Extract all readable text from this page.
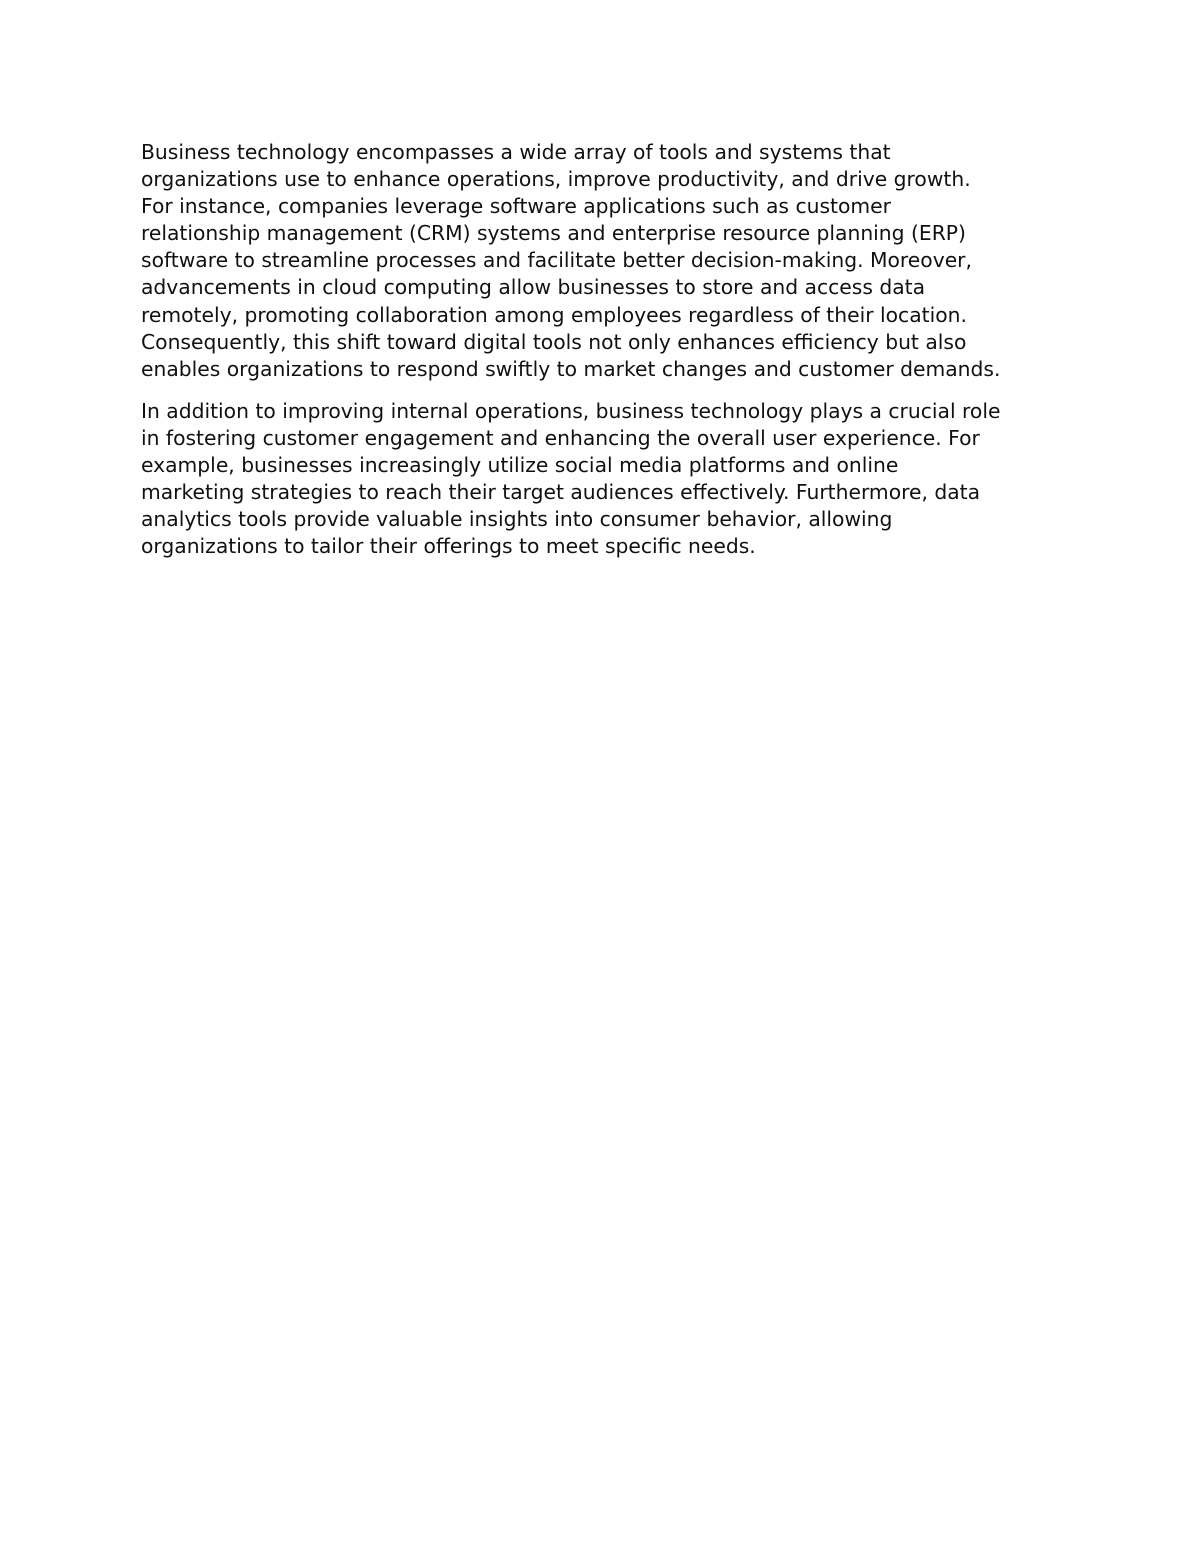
Business technology encompasses a wide array of tools and systems that
organizations use to enhance operations, improve productivity, and drive growth.
For instance, companies leverage software applications such as customer
relationship management (CRM) systems and enterprise resource planning (ERP)
software to streamline processes and facilitate better decision-making. Moreover,
advancements in cloud computing allow businesses to store and access data
remotely, promoting collaboration among employees regardless of their location.
Consequently, this shift toward digital tools not only enhances efficiency but also
enables organizations to respond swiftly to market changes and customer demands.

In addition to improving internal operations, business technology plays a crucial role
in fostering customer engagement and enhancing the overall user experience. For
example, businesses increasingly utilize social media platforms and online
marketing strategies to reach their target audiences effectively. Furthermore, data
analytics tools provide valuable insights into consumer behavior, allowing
organizations to tailor their offerings to meet specific needs.
